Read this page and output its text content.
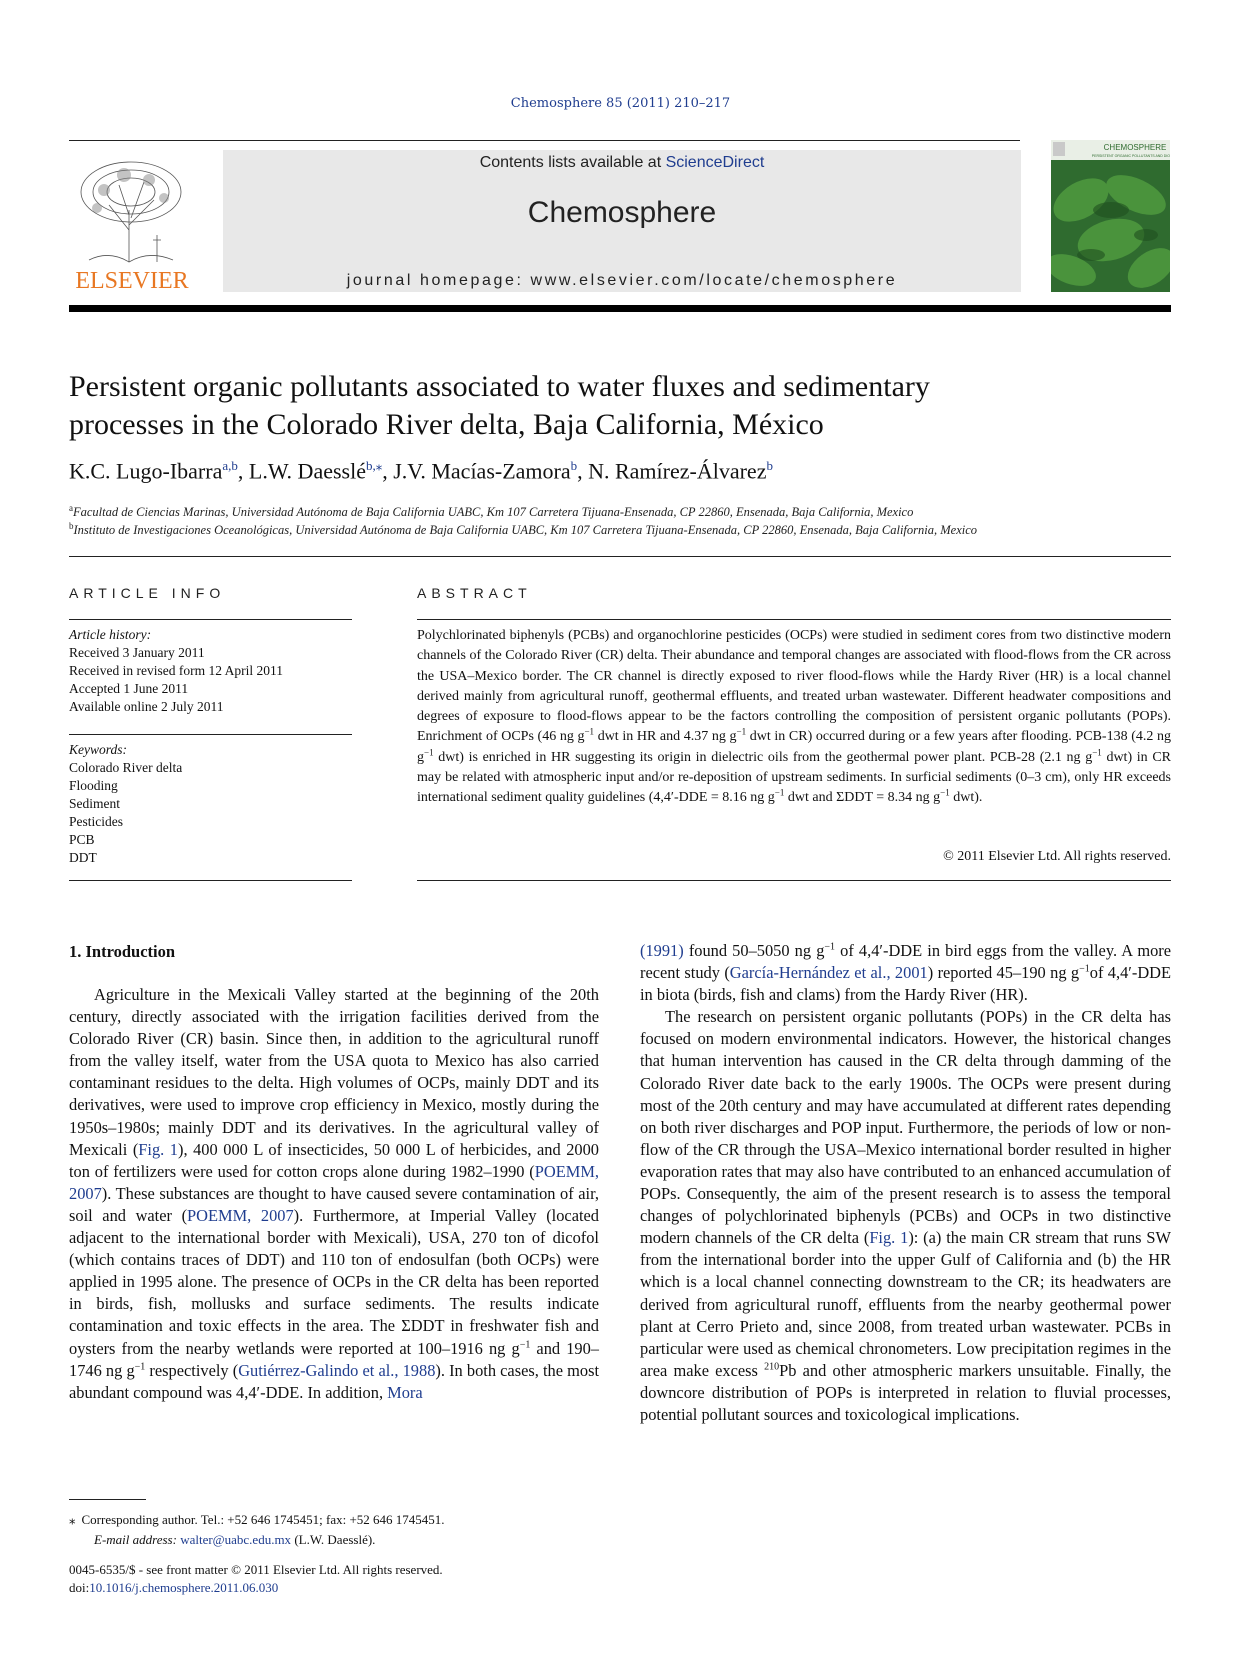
Chemosphere 85 (2011) 210–217
ELSEVIER
Contents lists available at ScienceDirect
Chemosphere
journal homepage: www.elsevier.com/locate/chemosphere
CHEMOSPHERE
PERSISTENT ORGANIC POLLUTANTS AND DIOXINS
Persistent organic pollutants associated to water fluxes and sedimentary
processes in the Colorado River delta, Baja California, México
K.C. Lugo-Ibarra$^{a,b}$, L.W. Daesslé$^{b,⁎}$, J.V. Macías-Zamora$^b$, N. Ramírez-Álvarez$^b$
$^a$Facultad de Ciencias Marinas, Universidad Autónoma de Baja California UABC, Km 107 Carretera Tijuana-Ensenada, CP 22860, Ensenada, Baja California, Mexico
$^b$Instituto de Investigaciones Oceanológicas, Universidad Autónoma de Baja California UABC, Km 107 Carretera Tijuana-Ensenada, CP 22860, Ensenada, Baja California, Mexico
ARTICLE INFO
Article history:
Received 3 January 2011
Received in revised form 12 April 2011
Accepted 1 June 2011
Available online 2 July 2011
Keywords:
Colorado River delta
Flooding
Sediment
Pesticides
PCB
DDT
ABSTRACT
Polychlorinated biphenyls (PCBs) and organochlorine pesticides (OCPs) were studied in sediment cores from two distinctive modern channels of the Colorado River (CR) delta. Their abundance and temporal changes are associated with flood-flows from the CR across the USA–Mexico border. The CR channel is directly exposed to river flood-flows while the Hardy River (HR) is a local channel derived mainly from agricultural runoff, geothermal effluents, and treated urban wastewater. Different headwater compositions and degrees of exposure to flood-flows appear to be the factors controlling the composition of persistent organic pollutants (POPs). Enrichment of OCPs (46 ng $g^{-1}$ dwt in HR and 4.37 ng $g^{-1}$ dwt in CR) occurred during or a few years after flooding. PCB-138 (4.2 ng $g^{-1}$ dwt) is enriched in HR suggesting its origin in dielectric oils from the geothermal power plant. PCB-28 (2.1 ng $g^{-1}$ dwt) in CR may be related with atmospheric input and/or re-deposition of upstream sediments. In surficial sediments (0–3 cm), only HR exceeds international sediment quality guidelines (4,4′-DDE = 8.16 ng $g^{-1}$ dwt and ΣDDT = 8.34 ng $g^{-1}$ dwt).
© 2011 Elsevier Ltd. All rights reserved.
1. Introduction

Agriculture in the Mexicali Valley started at the beginning of the 20th century, directly associated with the irrigation facilities derived from the Colorado River (CR) basin. Since then, in addition to the agricultural runoff from the valley itself, water from the USA quota to Mexico has also carried contaminant residues to the delta. High volumes of OCPs, mainly DDT and its derivatives, were used to improve crop efficiency in Mexico, mostly during the 1950s–1980s; mainly DDT and its derivatives. In the agricultural valley of Mexicali (Fig. 1), 400 000 L of insecticides, 50 000 L of herbicides, and 2000 ton of fertilizers were used for cotton crops alone during 1982–1990 (POEMM, 2007). These substances are thought to have caused severe contamination of air, soil and water (POEMM, 2007). Furthermore, at Imperial Valley (located adjacent to the international border with Mexicali), USA, 270 ton of dicofol (which contains traces of DDT) and 110 ton of endosulfan (both OCPs) were applied in 1995 alone. The presence of OCPs in the CR delta has been reported in birds, fish, mollusks and surface sediments. The results indicate contamination and toxic effects in the area. The ΣDDT in freshwater fish and oysters from the nearby wetlands were reported at 100–1916 ng $g^{-1}$ and 190–1746 ng $g^{-1}$ respectively (Gutiérrez-Galindo et al., 1988). In both cases, the most abundant compound was 4,4′-DDE. In addition, Mora

(1991) found 50–5050 ng $g^{-1}$ of 4,4′-DDE in bird eggs from the valley. A more recent study (García-Hernández et al., 2001) reported 45–190 ng $g^{-1}of$ 4,4′-DDE in biota (birds, fish and clams) from the Hardy River (HR).

The research on persistent organic pollutants (POPs) in the CR delta has focused on modern environmental indicators. However, the historical changes that human intervention has caused in the CR delta through damming of the Colorado River date back to the early 1900s. The OCPs were present during most of the 20th century and may have accumulated at different rates depending on both river discharges and POP input. Furthermore, the periods of low or non-flow of the CR through the USA–Mexico international border resulted in higher evaporation rates that may also have contributed to an enhanced accumulation of POPs. Consequently, the aim of the present research is to assess the temporal changes of polychlorinated biphenyls (PCBs) and OCPs in two distinctive modern channels of the CR delta (Fig. 1): (a) the main CR stream that runs SW from the international border into the upper Gulf of California and (b) the HR which is a local channel connecting downstream to the CR; its headwaters are derived from agricultural runoff, effluents from the nearby geothermal power plant at Cerro Prieto and, since 2008, from treated urban wastewater. PCBs in particular were used as chemical chronometers. Low precipitation regimes in the area make excess $^{210}$Pb and other atmospheric markers unsuitable. Finally, the downcore distribution of POPs is interpreted in relation to fluvial processes, potential pollutant sources and toxicological implications.

⁎ Corresponding author. Tel.: +52 646 1745451; fax: +52 646 1745451.
E-mail address: walter@uabc.edu.mx (L.W. Daesslé).
0045-6535/$ - see front matter © 2011 Elsevier Ltd. All rights reserved.
doi:10.1016/j.chemosphere.2011.06.030
